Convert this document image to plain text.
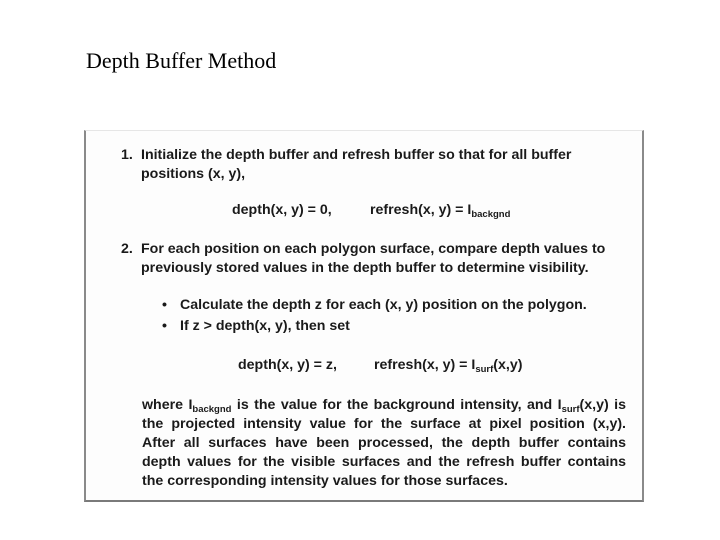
Depth Buffer Method
1. Initialize the depth buffer and refresh buffer so that for all buffer positions (x, y),
depth(x, y) = 0,	refresh(x, $y) = I_{backgnd}$
2. For each position on each polygon surface, compare depth values to previously stored values in the depth buffer to determine visibility.
• Calculate the depth z for each (x, y) position on the polygon.
• If z > depth(x, y), then set
depth(x, y) = z,	refresh(x, $y) = I_{surf}(x,y)$
where $I_{backgnd}$ is the value for the background intensity, and $I_{surf}(x,y)$ is
the projected intensity value for the surface at pixel position (x,y).
After all surfaces have been processed, the depth buffer contains
depth values for the visible surfaces and the refresh buffer contains
the corresponding intensity values for those surfaces.
